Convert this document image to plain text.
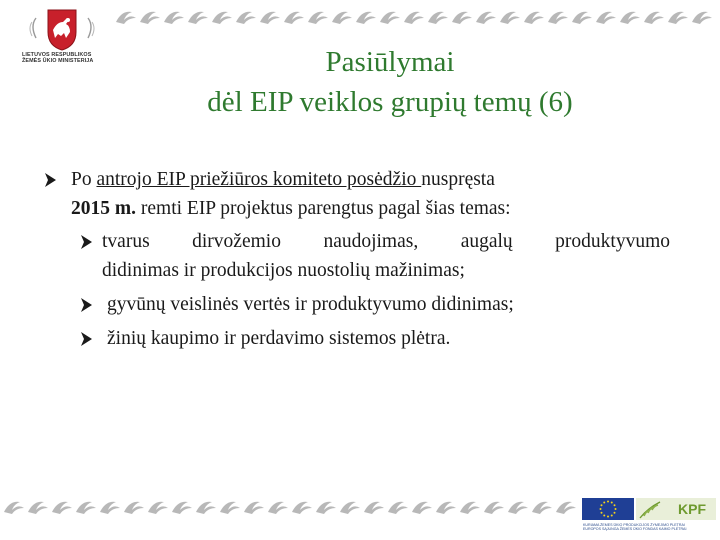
LIETUVOS RESPUBLIKOS
ŽEMĖS ŪKIO MINISTERIJA	Pasiūlymai
dėl EIP veiklos grupių temų (6)
Po antrojo EIP priežiūros komiteto posėdžio nuspręsta
2015 m. remti EIP projektus parengtus pagal šias temas:
tvarus dirvožemio naudojimas, augalų produktyvumo
didinimas ir produkcijos nuostolių mažinimas;
gyvūnų veislinės vertės ir produktyvumo didinimas;
žinių kaupimo ir perdavimo sistemos plėtra.
KPF
KURIAMA ŽEMĖS ŪKIO PRODUKCIJOS ŽYMĖJIMO PLĖTRAI
EUROPOS SĄJUNGA ŽEMĖS ŪKIO FONDAS KAIMO PLĖTRAI
